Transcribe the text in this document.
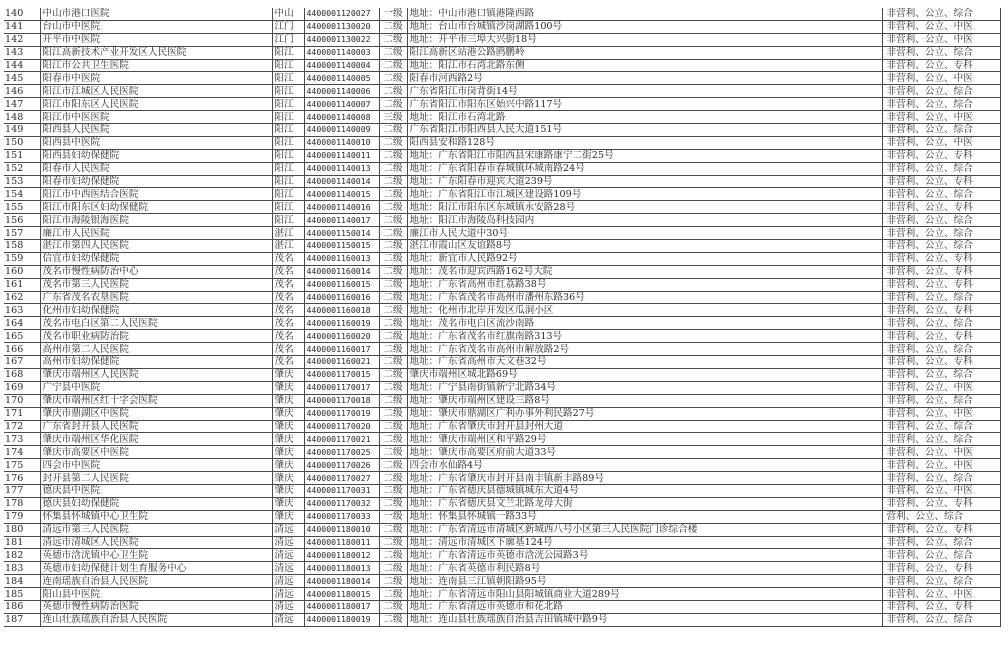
140	中山市港口医院	中山	440000112002​7	一级	地址：中山市港口镇港隆西路	非营利、公立、综合
141	台山市中医院	江门	4400001130020	二级	地址：台山市台城镇沙岗湖路100号	非营利、公立、中医
142	开平市中医院	江门	4400001130022	二级	地址：开平市三埠大兴街18号	非营利、公立、中医
143	阳江高新技术产业开发区人民医院	阳江	4400001140003	二级	阳江高新区站港公路鸥鹏岭	非营利、公立、综合
144	阳江市公共卫生医院	阳江	4400001140004	二级	地址：阳江市石湾北路东侧	非营利、公立、专科
145	阳春市中医院	阳江	4400001140005	二级	阳春市河西路2号	非营利、公立、中医
146	阳江市江城区人民医院	阳江	4400001140006	二级	广东省阳江市岗背街14号	非营利、公立、综合
147	阳江市阳东区人民医院	阳江	4400001140007	二级	广东省阳江市阳东区始兴中路117号	非营利、公立、综合
148	阳江市中医医院	阳江	4400001140008	三级	地址：阳江市石湾北路	非营利、公立、中医
149	阳西县人民医院	阳江	4400001140009	二级	广东省阳江市阳西县人民大道151号	非营利、公立、综合
150	阳西县中医院	阳江	4400001140010	二级	阳西县安和路128号	非营利、公立、中医
151	阳西县妇幼保健院	阳江	4400001140011	二级	地址：广东省阳江市阳西县宋康路康宁二街25号	非营利、公立、专科
152	阳春市人民医院	阳江	4400001140013	二级	地址：广东省阳春市春城镇环城南路24号	非营利、公立、综合
153	阳春市妇幼保健院	阳江	4400001140014	二级	地址：广东阳春市迎宾大道239号	非营利、公立、专科
154	阳江市中西医结合医院	阳江	4400001140015	二级	地址：广东省阳江市江城区建设路109号	非营利、公立、综合
155	阳江市阳东区妇幼保健院	阳江	4400001140016	二级	地址：阳江市阳东区东城镇永安路28号	非营利、公立、专科
156	阳江市海陵银海医院	阳江	4400001140017	二级	地址：阳江市海陵岛科技园内	非营利、公立、综合
157	廉江市人民医院	湛江	4400001150014	二级	廉江市人民大道中30号	非营利、公立、综合
158	湛江市第四人民医院	湛江	4400001150015	二级	湛江市霞山区友谊路8号	非营利、公立、综合
159	信宜市妇幼保健院	茂名	4400001160013	二级	地址：新宜市人民路92号	非营利、公立、专科
160	茂名市慢性病防治中心	茂名	4400001160014	二级	地址：茂名市迎宾西路162号大院	非营利、公立、专科
161	茂名市第三人民医院	茂名	4400001160015	二级	地址：广东省高州市红荔路38号	非营利、公立、专科
162	广东省茂名农垦医院	茂名	4400001160016	二级	地址：广东省茂名市高州市潘州东路36号	非营利、公立、综合
163	化州市妇幼保健院	茂名	4400001160018	二级	地址：化州市北岸开发区瓜洞小区	非营利、公立、专科
164	茂名市电白区第二人民医院	茂名	4400001160019	二级	地址：茂名市电白区流沙南路	非营利、公立、综合
165	茂名市职业病防治院	茂名	4400001160020	二级	地址：广东省茂名市红旗南路313号	非营利、公立、专科
166	高州市第二人民医院	茂名	4400001160017	二级	地址：广东省茂名市高州市解放路2号	非营利、公立、综合
167	高州市妇幼保健院	茂名	4400001160021	二级	地址：广东省高州市天文巷32号	非营利、公立、专科
168	肇庆市端州区人民医院	肇庆	4400001170015	二级	肇庆市端州区城北路69号	非营利、公立、综合
169	广宁县中医院	肇庆	4400001170017	二级	地址：广宁县南街镇新宁北路34号	非营利、公立、中医
170	肇庆市端州区红十字会医院	肇庆	4400001170018	二级	地址：肇庆市端州区建设三路8号	非营利、公立、综合
171	肇庆市鼎湖区中医院	肇庆	4400001170019	二级	地址：肇庆市鼎湖区广利办事外利民路27号	非营利、公立、中医
172	广东省封开县人民医院	肇庆	4400001170020	二级	地址：广东省肇庆市封开县封州大道	非营利、公立、综合
173	肇庆市端州区华化医院	肇庆	4400001170021	二级	地址：肇庆市端州区和平路29号	非营利、公立、综合
174	肇庆市高要区中医院	肇庆	4400001170025	二级	地址：肇庆市高要区府前大道33号	非营利、公立、中医
175	四会市中医院	肇庆	4400001170026	二级	四会市水仙路4号	非营利、公立、中医
176	封开县第二人民医院	肇庆	4400001170027	二级	地址：广东省肇庆市封开县南丰镇新丰路89号	非营利、公立、综合
177	德庆县中医院	肇庆	4400001170031	二级	地址：广东省德庆县德城镇城东大道4号	非营利、公立、中医
178	德庆县妇幼保健院	肇庆	4400001170032	二级	地址：广东省德庆县文兰北路龙母大街	非营利、公立、专科
179	怀集县怀城镇中心卫生院	肇庆	4400001170033	一级	地址：怀集县怀城镇一路33号	营利、公立、综合
180	清远市第三人民医院	清远	4400001180010	二级	地址：广东省清远市清城区新城西八号小区第三人民医院门诊综合楼	非营利、公立、专科
181	清远市清城区人民医院	清远	4400001180011	二级	地址：清远市清城区下廓基124号	非营利、公立、综合
182	英德市浛洸镇中心卫生院	清远	4400001180012	二级	地址：广东省清远市英德市浛洸公园路3号	非营利、公立、综合
183	英德市妇幼保健计划生育服务中心	清远	4400001180013	二级	地址：广东省英德市利民路8号	非营利、公立、专科
184	连南瑶族自治县人民医院	清远	4400001180014	二级	地址：连南县三江镇朝阳路95号	非营利、公立、综合
185	阳山县中医院	清远	4400001180015	二级	地址：广东省清远市阳山县阳城镇商业大道289号	非营利、公立、中医
186	英德市慢性病防治医院	清远	4400001180017	二级	地址：广东省清远市英德市和花北路	非营利、公立、专科
187	连山壮族瑶族自治县人民医院	清远	4400001180019	二级	地址：连山县壮族瑶族自治县吉田镇城中路9号	非营利、公立、综合
